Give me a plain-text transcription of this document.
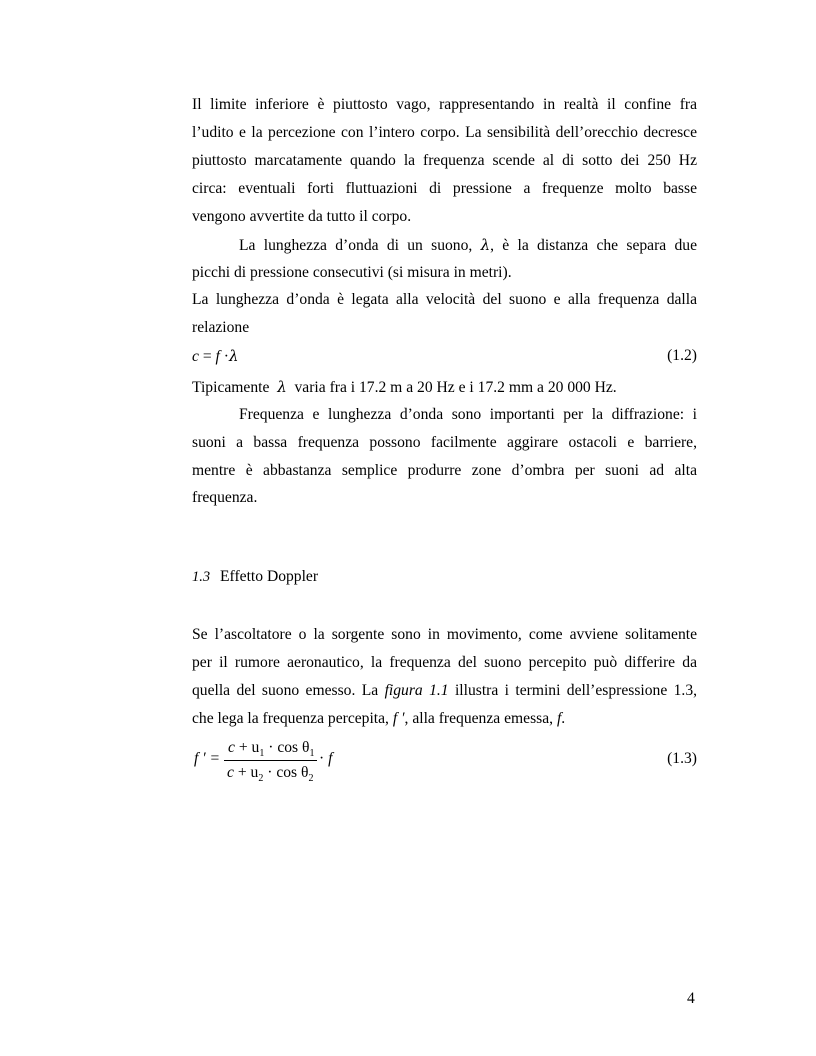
Il limite inferiore è piuttosto vago, rappresentando in realtà il confine fra
l’udito e la percezione con l’intero corpo. La sensibilità dell’orecchio decresce
piuttosto marcatamente quando la frequenza scende al di sotto dei 250 Hz
circa: eventuali forti fluttuazioni di pressione a frequenze molto basse
vengono avvertite da tutto il corpo.
La lunghezza d’onda di un suono, λ, è la distanza che separa due
picchi di pressione consecutivi (si misura in metri).
La lunghezza d’onda è legata alla velocità del suono e alla frequenza dalla
relazione
c = f ·λ	(1.2)
Tipicamente λ varia fra i 17.2 m a 20 Hz e i 17.2 mm a 20 000 Hz.
Frequenza e lunghezza d’onda sono importanti per la diffrazione: i
suoni a bassa frequenza possono facilmente aggirare ostacoli e barriere,
mentre è abbastanza semplice produrre zone d’ombra per suoni ad alta
frequenza.
1.3 Effetto Doppler
Se l’ascoltatore o la sorgente sono in movimento, come avviene solitamente
per il rumore aeronautico, la frequenza del suono percepito può differire da
quella del suono emesso. La figura 1.1 illustra i termini dell’espressione 1.3,
che lega la frequenza percepita, f ′, alla frequenza emessa, f.
f ′ =
$c + u_1 \cdot \cos \theta_1$
$c + u_2 \cdot \cos \theta_2$
· f	(1.3)
4
